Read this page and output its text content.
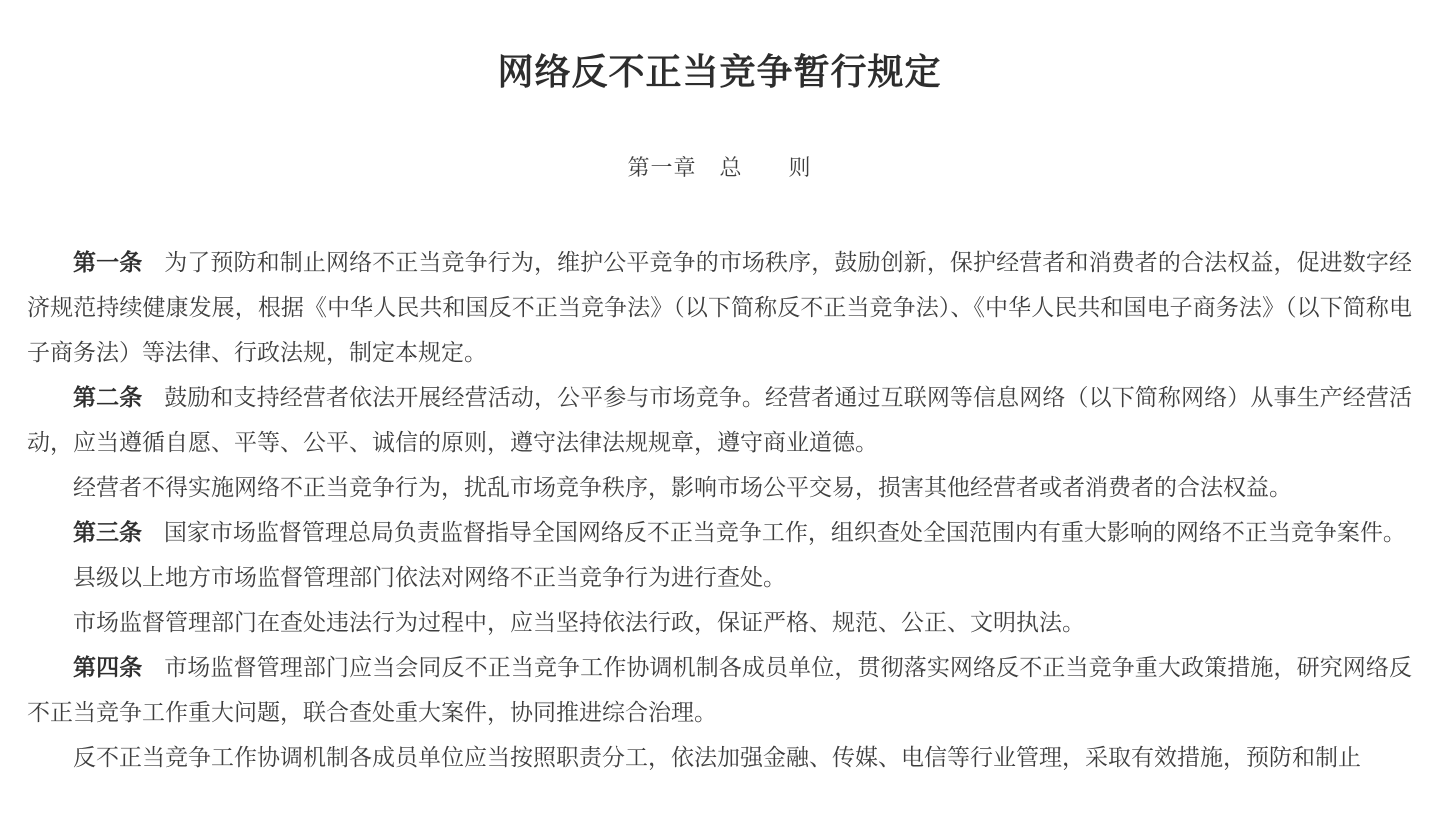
网络反不正当竞争暂行规定
第一章　总　　则

第一条 为了预防和制止网络不正当竞争行为，维护公平竞争的市场秩序，鼓励创新，保护经营者和消费者的合法权益，促进数字经济规范持续健康发展，根据《中华人民共和国反不正当竞争法》（以下简称反不正当竞争法）、《中华人民共和国电子商务法》（以下简称电子商务法）等法律、行政法规，制定本规定。

第二条 鼓励和支持经营者依法开展经营活动，公平参与市场竞争。经营者通过互联网等信息网络（以下简称网络）从事生产经营活动，应当遵循自愿、平等、公平、诚信的原则，遵守法律法规规章，遵守商业道德。

经营者不得实施网络不正当竞争行为，扰乱市场竞争秩序，影响市场公平交易，损害其他经营者或者消费者的合法权益。

第三条 国家市场监督管理总局负责监督指导全国网络反不正当竞争工作，组织查处全国范围内有重大影响的网络不正当竞争案件。

县级以上地方市场监督管理部门依法对网络不正当竞争行为进行查处。

市场监督管理部门在查处违法行为过程中，应当坚持依法行政，保证严格、规范、公正、文明执法。

第四条 市场监督管理部门应当会同反不正当竞争工作协调机制各成员单位，贯彻落实网络反不正当竞争重大政策措施，研究网络反不正当竞争工作重大问题，联合查处重大案件，协同推进综合治理。

反不正当竞争工作协调机制各成员单位应当按照职责分工，依法加强金融、传媒、电信等行业管理，采取有效措施，预防和制止
